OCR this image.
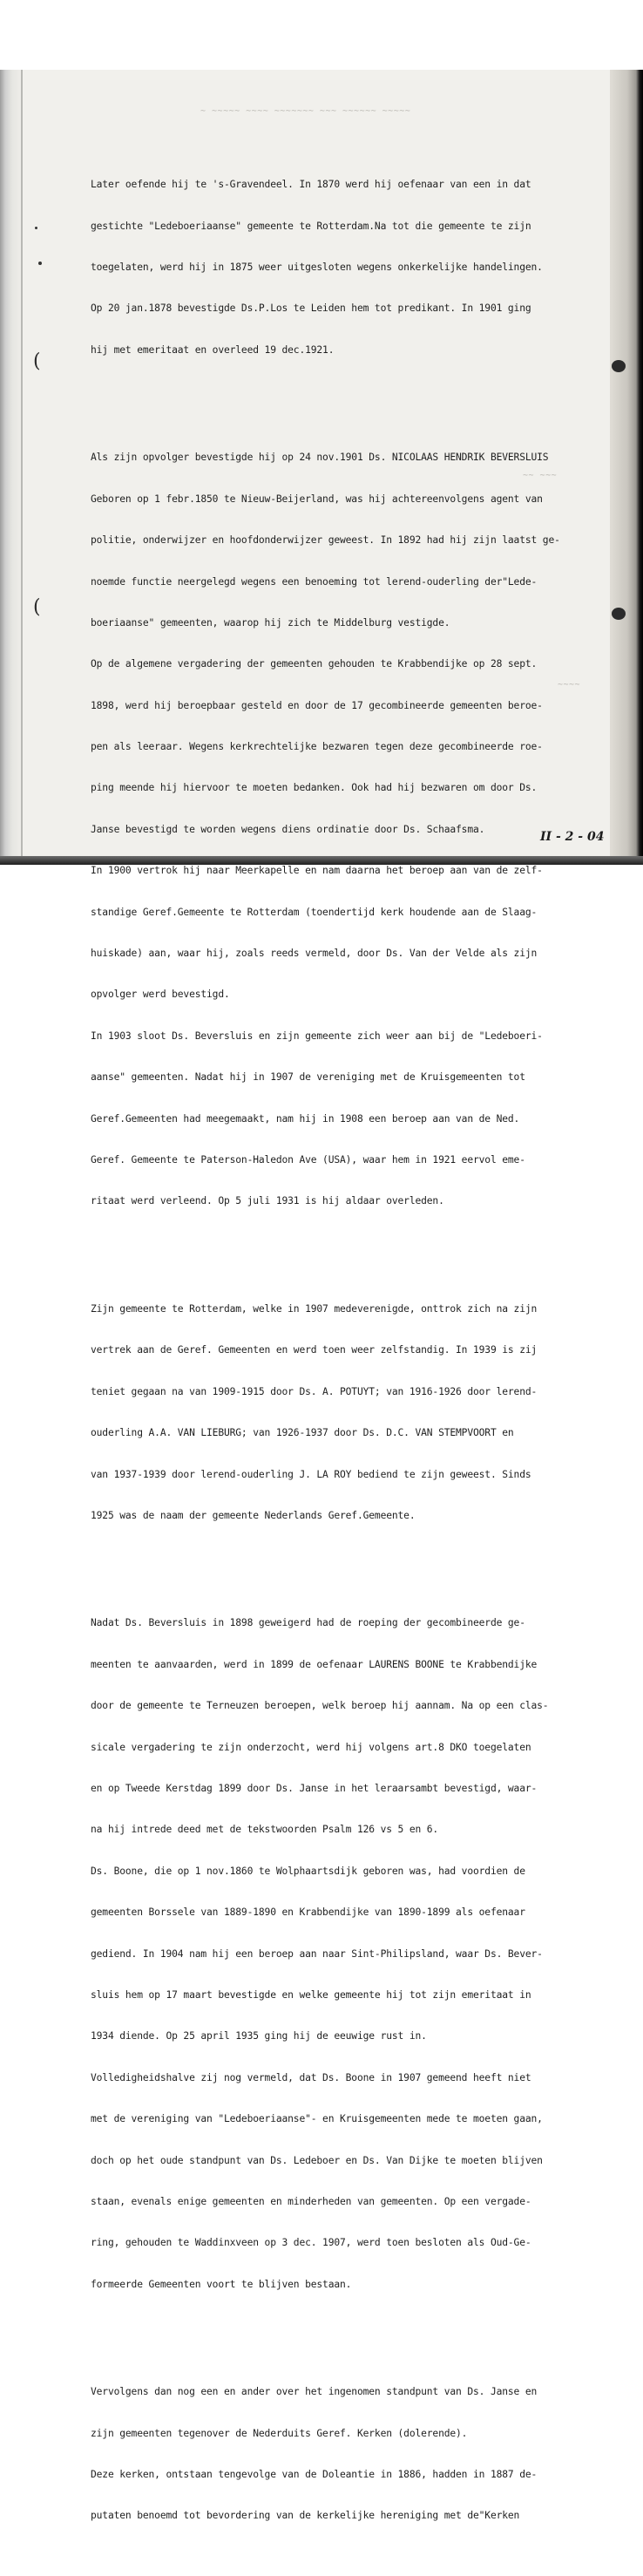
~ ~~~~~ ~~~~ ~~~~~~~ ~~~ ~~~~~~ ~~~~~
~~ ~~~
~~~~
(
(

Later oefende hij te 's-Gravendeel. In 1870 werd hij oefenaar van een in dat

gestichte "Ledeboeriaanse" gemeente te Rotterdam.Na tot die gemeente te zijn

toegelaten, werd hij in 1875 weer uitgesloten wegens onkerkelijke handelingen.

Op 20 jan.1878 bevestigde Ds.P.Los te Leiden hem tot predikant. In 1901 ging

hij met emeritaat en overleed 19 dec.1921.

Als zijn opvolger bevestigde hij op 24 nov.1901 Ds. NICOLAAS HENDRIK BEVERSLUIS

Geboren op 1 febr.1850 te Nieuw-Beijerland, was hij achtereenvolgens agent van

politie, onderwijzer en hoofdonderwijzer geweest. In 1892 had hij zijn laatst ge-

noemde functie neergelegd wegens een benoeming tot lerend-ouderling der"Lede-

boeriaanse" gemeenten, waarop hij zich te Middelburg vestigde.

Op de algemene vergadering der gemeenten gehouden te Krabbendijke op 28 sept.

1898, werd hij beroepbaar gesteld en door de 17 gecombineerde gemeenten beroe-

pen als leeraar. Wegens kerkrechtelijke bezwaren tegen deze gecombineerde roe-

ping meende hij hiervoor te moeten bedanken. Ook had hij bezwaren om door Ds.

Janse bevestigd te worden wegens diens ordinatie door Ds. Schaafsma.

In 1900 vertrok hij naar Meerkapelle en nam daarna het beroep aan van de zelf-

standige Geref.Gemeente te Rotterdam (toendertijd kerk houdende aan de Slaag-

huiskade) aan, waar hij, zoals reeds vermeld, door Ds. Van der Velde als zijn

opvolger werd bevestigd.

In 1903 sloot Ds. Beversluis en zijn gemeente zich weer aan bij de "Ledeboeri-

aanse" gemeenten. Nadat hij in 1907 de vereniging met de Kruisgemeenten tot

Geref.Gemeenten had meegemaakt, nam hij in 1908 een beroep aan van de Ned.

Geref. Gemeente te Paterson-Haledon Ave (USA), waar hem in 1921 eervol eme-

ritaat werd verleend. Op 5 juli 1931 is hij aldaar overleden.

Zijn gemeente te Rotterdam, welke in 1907 medeverenigde, onttrok zich na zijn

vertrek aan de Geref. Gemeenten en werd toen weer zelfstandig. In 1939 is zij

teniet gegaan na van 1909-1915 door Ds. A. POTUYT; van 1916-1926 door lerend-

ouderling A.A. VAN LIEBURG; van 1926-1937 door Ds. D.C. VAN STEMPVOORT en

van 1937-1939 door lerend-ouderling J. LA ROY bediend te zijn geweest. Sinds

1925 was de naam der gemeente Nederlands Geref.Gemeente.

Nadat Ds. Beversluis in 1898 geweigerd had de roeping der gecombineerde ge-

meenten te aanvaarden, werd in 1899 de oefenaar LAURENS BOONE te Krabbendijke

door de gemeente te Terneuzen beroepen, welk beroep hij aannam. Na op een clas-

sicale vergadering te zijn onderzocht, werd hij volgens art.8 DKO toegelaten

en op Tweede Kerstdag 1899 door Ds. Janse in het leraarsambt bevestigd, waar-

na hij intrede deed met de tekstwoorden Psalm 126 vs 5 en 6.

Ds. Boone, die op 1 nov.1860 te Wolphaartsdijk geboren was, had voordien de

gemeenten Borssele van 1889-1890 en Krabbendijke van 1890-1899 als oefenaar

gediend. In 1904 nam hij een beroep aan naar Sint-Philipsland, waar Ds. Bever-

sluis hem op 17 maart bevestigde en welke gemeente hij tot zijn emeritaat in

1934 diende. Op 25 april 1935 ging hij de eeuwige rust in.

Volledigheidshalve zij nog vermeld, dat Ds. Boone in 1907 gemeend heeft niet

met de vereniging van "Ledeboeriaanse"- en Kruisgemeenten mede te moeten gaan,

doch op het oude standpunt van Ds. Ledeboer en Ds. Van Dijke te moeten blijven

staan, evenals enige gemeenten en minderheden van gemeenten. Op een vergade-

ring, gehouden te Waddinxveen op 3 dec. 1907, werd toen besloten als Oud-Ge-

formeerde Gemeenten voort te blijven bestaan.

Vervolgens dan nog een en ander over het ingenomen standpunt van Ds. Janse en

zijn gemeenten tegenover de Nederduits Geref. Kerken (dolerende).

Deze kerken, ontstaan tengevolge van de Doleantie in 1886, hadden in 1887 de-

putaten benoemd tot bevordering van de kerkelijke hereniging met de"Kerken

II - 2 - 04
